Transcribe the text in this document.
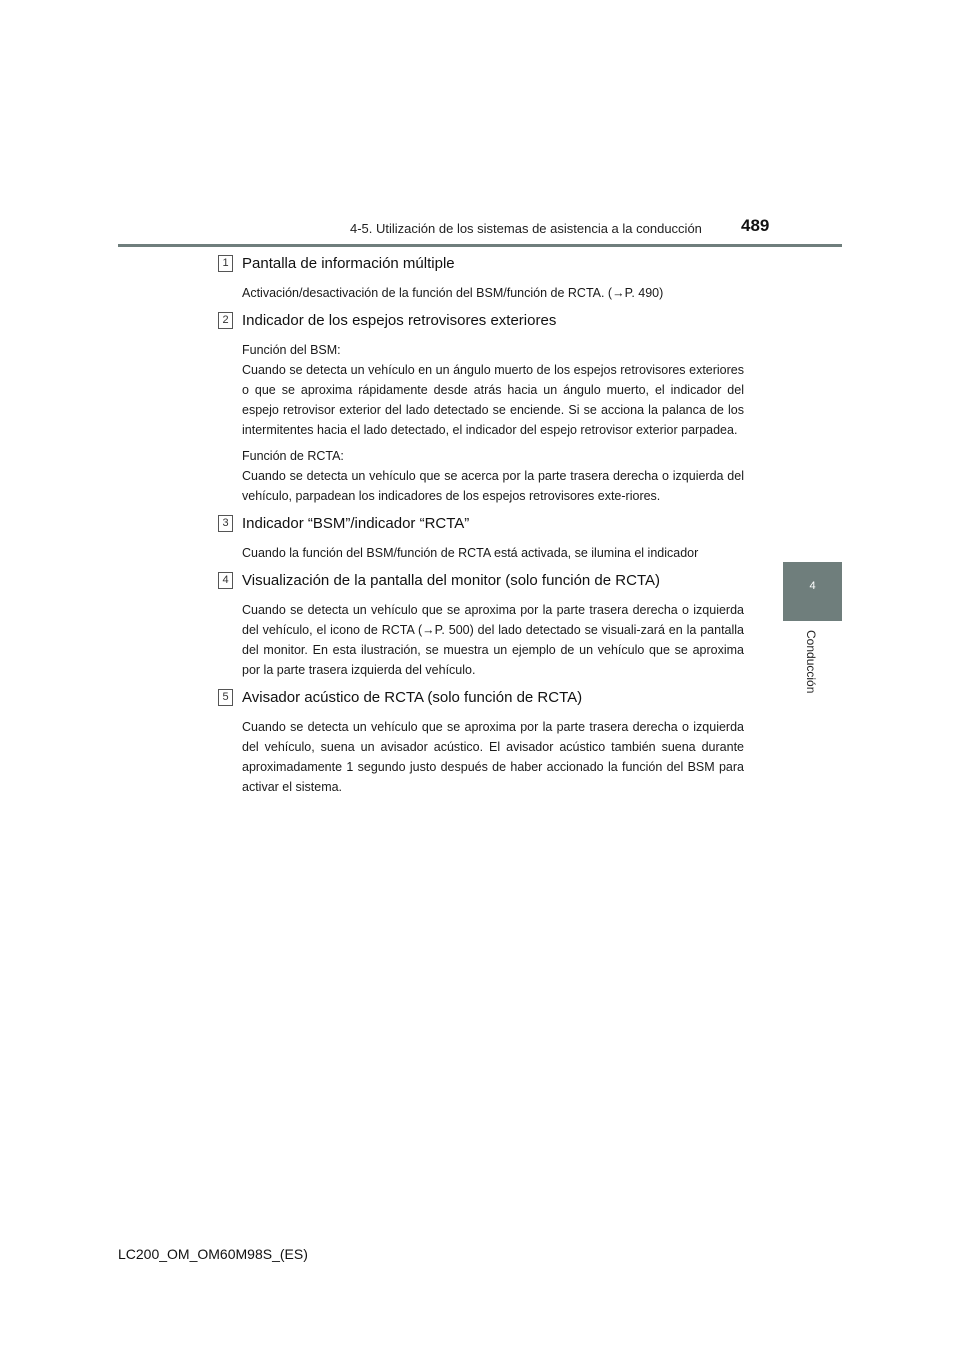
4-5. Utilización de los sistemas de asistencia a la conducción 489
4
Conducción
1 Pantalla de información múltiple

Activación/desactivación de la función del BSM/función de RCTA. (→P. 490)

2 Indicador de los espejos retrovisores exteriores

Función del BSM:
Cuando se detecta un vehículo en un ángulo muerto de los espejos retrovisores exteriores o que se aproxima rápidamente desde atrás hacia un ángulo muerto, el indicador del espejo retrovisor exterior del lado detectado se enciende. Si se acciona la palanca de los intermitentes hacia el lado detectado, el indicador del espejo retrovisor exterior parpadea.

Función de RCTA:
Cuando se detecta un vehículo que se acerca por la parte trasera derecha o izquierda del vehículo, parpadean los indicadores de los espejos retrovisores exte-riores.

3 Indicador “BSM”/indicador “RCTA”

Cuando la función del BSM/función de RCTA está activada, se ilumina el indicador

4 Visualización de la pantalla del monitor (solo función de RCTA)

Cuando se detecta un vehículo que se aproxima por la parte trasera derecha o izquierda del vehículo, el icono de RCTA (→P. 500) del lado detectado se visuali-zará en la pantalla del monitor. En esta ilustración, se muestra un ejemplo de un vehículo que se aproxima por la parte trasera izquierda del vehículo.

5 Avisador acústico de RCTA (solo función de RCTA)

Cuando se detecta un vehículo que se aproxima por la parte trasera derecha o izquierda del vehículo, suena un avisador acústico. El avisador acústico también suena durante aproximadamente 1 segundo justo después de haber accionado la función del BSM para activar el sistema.

LC200_OM_OM60M98S_(ES)
